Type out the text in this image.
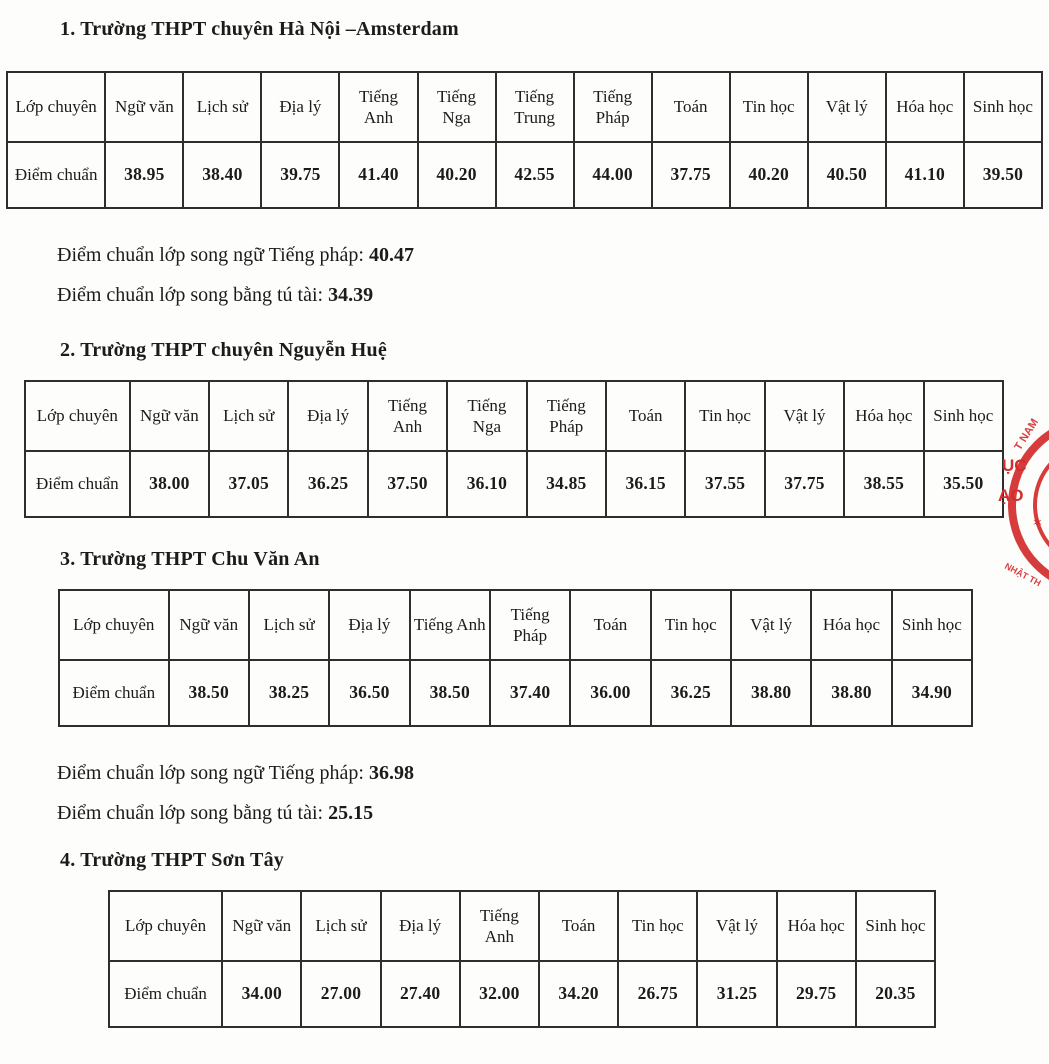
1. Trường THPT chuyên Hà Nội –Amsterdam
Lớp chuyên	Ngữ văn	Lịch sử	Địa lý	Tiếng Anh	Tiếng Nga	Tiếng Trung	Tiếng Pháp	Toán	Tin học	Vật lý	Hóa học	Sinh học
Điểm chuẩn	38.95	38.40	39.75	41.40	40.20	42.55	44.00	37.75	40.20	40.50	41.10	39.50

Điểm chuẩn lớp song ngữ Tiếng pháp: 40.47

Điểm chuẩn lớp song bằng tú tài: 34.39

2. Trường THPT chuyên Nguyễn Huệ
Lớp chuyên	Ngữ văn	Lịch sử	Địa lý	Tiếng Anh	Tiếng Nga	Tiếng Pháp	Toán	Tin học	Vật lý	Hóa học	Sinh học
Điểm chuẩn	38.00	37.05	36.25	37.50	36.10	34.85	36.15	37.55	37.75	38.55	35.50
3. Trường THPT Chu Văn An
Lớp chuyên	Ngữ văn	Lịch sử	Địa lý	Tiếng Anh	Tiếng Pháp	Toán	Tin học	Vật lý	Hóa học	Sinh học
Điểm chuẩn	38.50	38.25	36.50	38.50	37.40	36.00	36.25	38.80	38.80	34.90

Điểm chuẩn lớp song ngữ Tiếng pháp: 36.98

Điểm chuẩn lớp song bằng tú tài: 25.15

4. Trường THPT Sơn Tây
Lớp chuyên	Ngữ văn	Lịch sử	Địa lý	Tiếng Anh	Toán	Tin học	Vật lý	Hóa học	Sinh học
Điểm chuẩn	34.00	27.00	27.40	32.00	34.20	26.75	31.25	29.75	20.35
T NAM
ỤC
ẠO
✶
NHẬT TH
